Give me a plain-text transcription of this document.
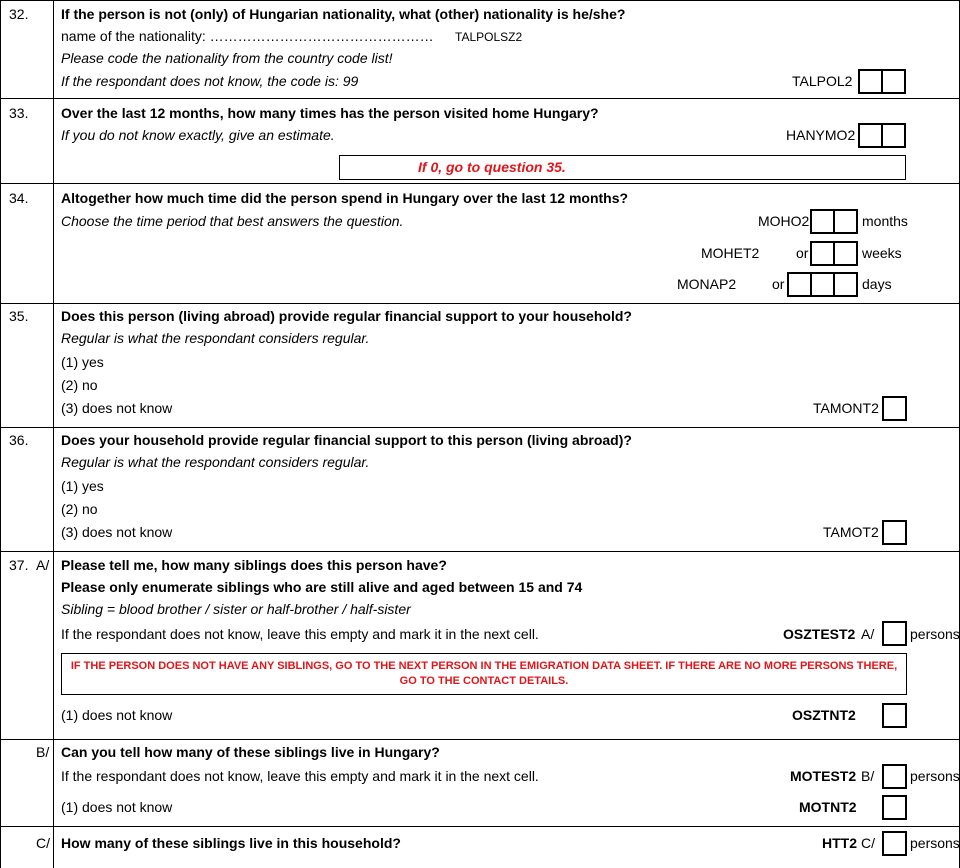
32. If the person is not (only) of Hungarian nationality, what (other) nationality is he/she?
name of the nationality: ………………………………………… TALPOLSZ2
Please code the nationality from the country code list!
If the respondant does not know, the code is: 99	TALPOL2
33. Over the last 12 months, how many times has the person visited home Hungary?
If you do not know exactly, give an estimate.	HANYMO2
If 0, go to question 35.
34. Altogether how much time did the person spend in Hungary over the last 12 months?
Choose the time period that best answers the question.	MOHO2	months
MOHET2	or	weeks
MONAP2	or	days
35. Does this person (living abroad) provide regular financial support to your household?
Regular is what the respondant considers regular.
(1) yes
(2) no
(3) does not know	TAMONT2
36. Does your household provide regular financial support to this person (living abroad)?
Regular is what the respondant considers regular.
(1) yes
(2) no
(3) does not know	TAMOT2
37. A/ Please tell me, how many siblings does this person have?
Please only enumerate siblings who are still alive and aged between 15 and 74
Sibling = blood brother / sister or half-brother / half-sister
If the respondant does not know, leave this empty and mark it in the next cell.	OSZTEST2 A/	persons
IF THE PERSON DOES NOT HAVE ANY SIBLINGS, GO TO THE NEXT PERSON IN THE EMIGRATION DATA SHEET. IF THERE ARE NO MORE PERSONS THERE, GO TO THE CONTACT DETAILS.
(1) does not know	OSZTNT2
B/ Can you tell how many of these siblings live in Hungary?
If the respondant does not know, leave this empty and mark it in the next cell.	MOTEST2 B/	persons
(1) does not know	MOTNT2
C/ How many of these siblings live in this household?	HTT2 C/	persons
